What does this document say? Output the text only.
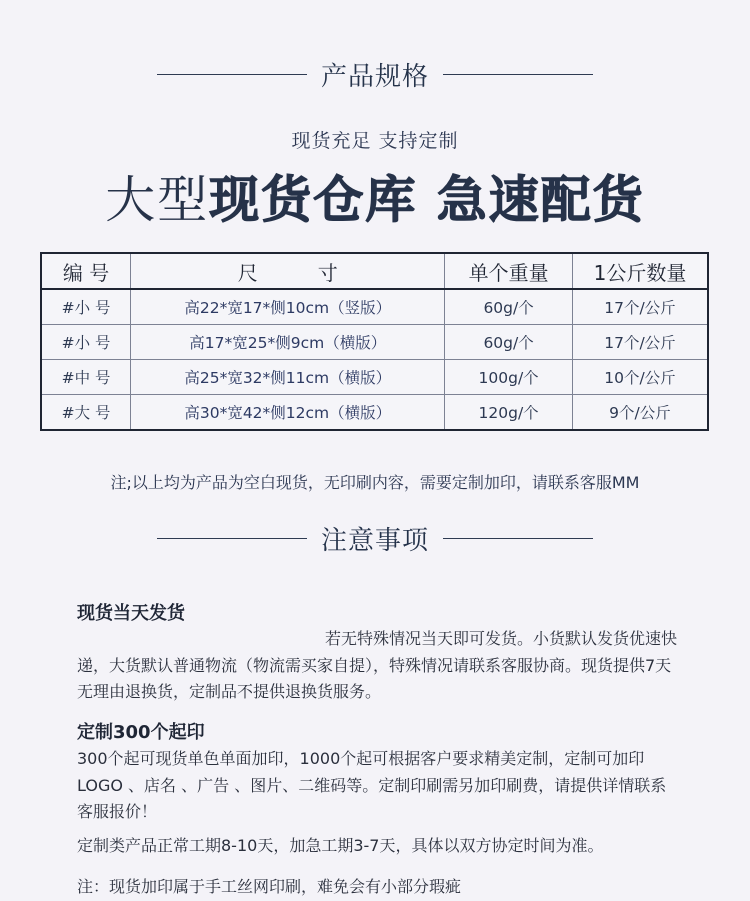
产品规格
现货充足 支持定制
大型现货仓库 急速配货
编 号	尺　　　寸	单个重量	1公斤数量
#小 号	高22*宽17*侧10cm（竖版）	60g/个	17个/公斤
#小 号	高17*宽25*侧9cm（横版）	60g/个	17个/公斤
#中 号	高25*宽32*侧11cm（横版）	100g/个	10个/公斤
#大 号	高30*宽42*侧12cm（横版）	120g/个	9个/公斤
注;以上均为产品为空白现货，无印刷内容，需要定制加印，请联系客服MM
注意事项
现货当天发货
若无特殊情况当天即可发货。小货默认发货优速快递，大货默认普通物流（物流需买家自提），特殊情况请联系客服协商。现货提供7天无理由退换货，定制品不提供退换货服务。
定制300个起印
300个起可现货单色单面加印，1000个起可根据客户要求精美定制，定制可加印LOGO 、店名 、广告 、图片、二维码等。定制印刷需另加印刷费，请提供详情联系客服报价！
定制类产品正常工期8-10天，加急工期3-7天，具体以双方协定时间为准。
注：现货加印属于手工丝网印刷，难免会有小部分瑕疵
